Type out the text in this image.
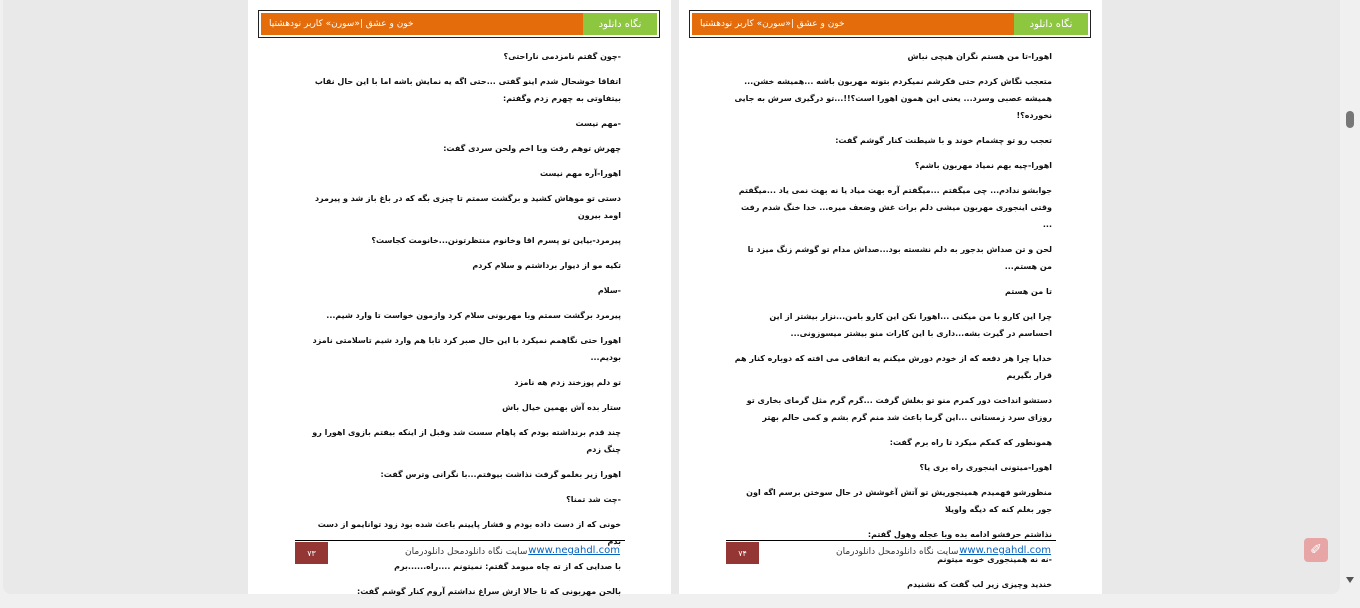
نگاه دانلود
خون و عشق |«سورن» کاربر نودهشتیا

-چون گفتم نامزدمی ناراحتی؟

اتفاقا خوشحال شدم اینو گفتی ...حتی اگه یه نمایش باشه اما با این حال نقاب بیتفاوتی به چهرم زدم وگفتم:

-مهم نیست

چهرش توهم رفت وبا اخم ولحن سردی گفت:

اهورا-آره مهم نیست

دستی تو موهاش کشید و برگشت سمتم تا چیزی بگه که در باغ باز شد و پیرمرد اومد بیرون

پیرمرد-بیاین تو پسرم اقا وخانوم منتظرتونن...خانومت کجاست؟

تکیه مو از دیوار برداشتم و سلام کردم

-سلام

پیرمرد برگشت سمتم وبا مهربونی سلام کرد وازمون خواست تا وارد شیم...

اهورا حتی نگاهمم نمیکرد با این حال صبر کرد تابا هم وارد شیم تاسلامتی نامزد بودیم...

تو دلم پوزخند زدم هه نامزد

ستار بده آش بهمین خیال باش

چند قدم برنداشته بودم که پاهام سست شد وقبل از اینکه بیفتم بازوی اهورا رو چنگ زدم

اهورا زیر بغلمو گرفت نذاشت بیوفتم...با نگرانی وترس گفت:

-چت شد تمنا؟

خونی که از دست داده بودم و فشار پایینم باعث شده بود زود توانایمو از دست بدم

با صدایی که از ته چاه میومد گفتم: نمیتونم ....راه......برم

بالحن مهربونی که تا حالا ازش سراغ نداشتم آروم کنار گوشم گفت:

۷۳	سایت نگاه دانلودمحل دانلودرمان www.negahdl.com
نگاه دانلود
خون و عشق |«سورن» کاربر نودهشتیا

اهورا-تا من هستم نگران هیچی نباش

متعجب نگاش کردم حتی فکرشم نمیکردم بتونه مهربون باشه ...همیشه خشن... همیشه عصبی وسرد... یعنی این همون اهورا است؟!!...تو درگیری سرش به جایی نخورده؟!

تعجب رو تو چشمام خوند و با شیطنت کنار گوشم گفت:

اهورا-چیه بهم نمیاد مهربون باشم؟

جوابشو ندادم... چی میگفتم ...میگفتم آره بهت میاد یا نه بهت نمی یاد ...میگفتم وقتی اینجوری مهربون میشی دلم برات غش وضعف میره... خدا خنگ شدم رفت ...

لحن و تن صداش بدجور به دلم نشسته بود...صداش مدام تو گوشم زنگ میزد تا من هستم...

تا من هستم

چرا این کارو با من میکنی ...اهورا نکن این کارو بامن...نزار بیشتر از این احساسم در گیرت بشه...داری با این کارات منو بیشتر میسوزونی...

خدایا چرا هر دفعه که از خودم دورش میکنم یه اتفاقی می افته که دوباره کنار هم قرار بگیریم

دستشو انداخت دور کمرم منو تو بغلش گرفت ...گرم گرم مثل گرمای بخاری تو روزای سرد زمستانی ...این گرما باعث شد منم گرم بشم و کمی حالم بهتر

همونطور که کمکم میکرد تا راه برم گفت:

اهورا-میتونی اینجوری راه بری یا؟

منظورشو فهمیدم همینجوریش تو آتش آغوشش در حال سوختن برسم اگه اون جور بغلم کنه که دیگه واویلا

نذاشتم حرفشو ادامه بده وبا عجله وهول گفتم:

-نه نه همینجوری خوبه میتونم

خندید وچیزی زیر لب گفت که نشنیدم

۷۴	سایت نگاه دانلودمحل دانلودرمان www.negahdl.com	✐
